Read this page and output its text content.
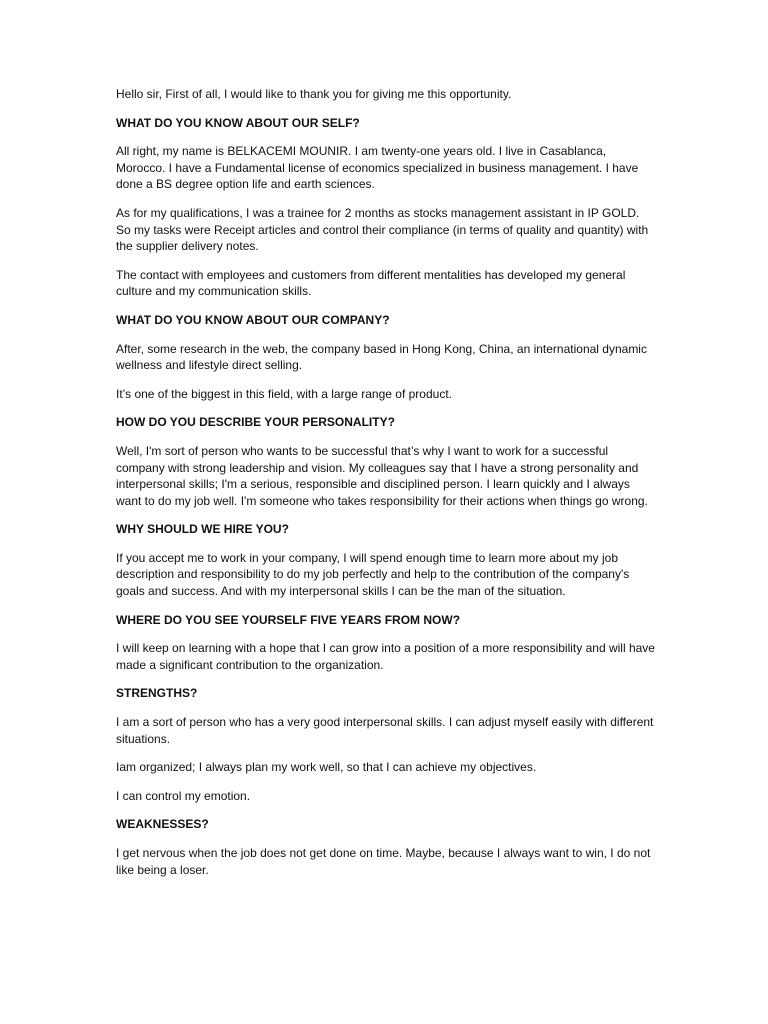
Hello sir, First of all, I would like to thank you for giving me this opportunity.

WHAT DO YOU KNOW ABOUT OUR SELF?

All right, my name is BELKACEMI MOUNIR. I am twenty-one years old. I live in Casablanca, Morocco. I have a Fundamental license of economics specialized in business management. I have done a BS degree option life and earth sciences.

As for my qualifications, I was a trainee for 2 months as stocks management assistant in IP GOLD. So my tasks were Receipt articles and control their compliance (in terms of quality and quantity) with the supplier delivery notes.

The contact with employees and customers from different mentalities has developed my general culture and my communication skills.

WHAT DO YOU KNOW ABOUT OUR COMPANY?

After, some research in the web, the company based in Hong Kong, China, an international dynamic wellness and lifestyle direct selling.

It’s one of the biggest in this field, with a large range of product.

HOW DO YOU DESCRIBE YOUR PERSONALITY?

Well, I'm sort of person who wants to be successful that’s why I want to work for a successful company with strong leadership and vision. My colleagues say that I have a strong personality and interpersonal skills; I'm a serious, responsible and disciplined person. I learn quickly and I always want to do my job well. I'm someone who takes responsibility for their actions when things go wrong.

WHY SHOULD WE HIRE YOU?

If you accept me to work in your company, I will spend enough time to learn more about my job description and responsibility to do my job perfectly and help to the contribution of the company's goals and success. And with my interpersonal skills I can be the man of the situation.

WHERE DO YOU SEE YOURSELF FIVE YEARS FROM NOW?

I will keep on learning with a hope that I can grow into a position of a more responsibility and will have made a significant contribution to the organization.

STRENGTHS?

I am a sort of person who has a very good interpersonal skills. I can adjust myself easily with different situations.

Iam organized; I always plan my work well, so that I can achieve my objectives.

I can control my emotion.

WEAKNESSES?

I get nervous when the job does not get done on time. Maybe, because I always want to win, I do not like being a loser.
